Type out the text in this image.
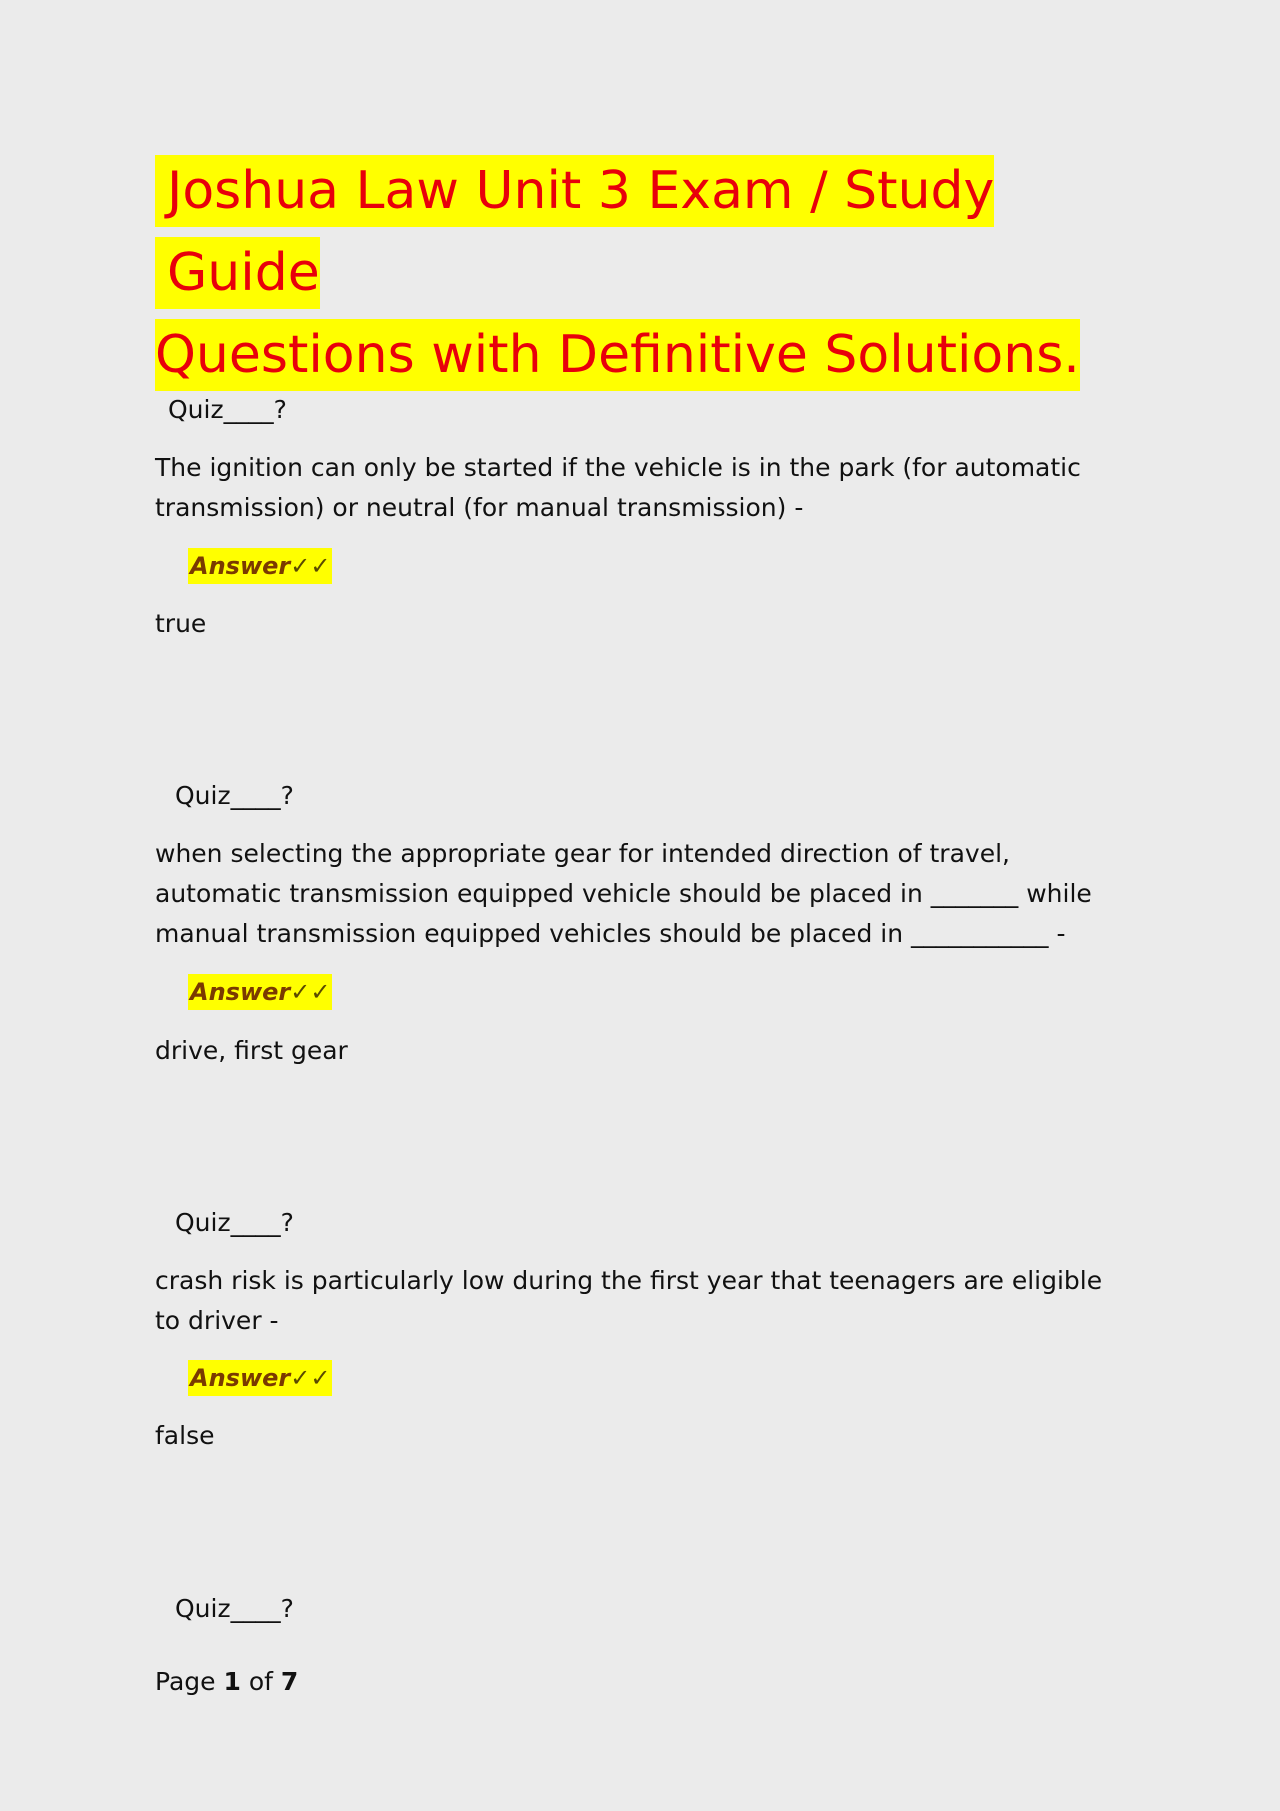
Joshua Law Unit 3 Exam / Study Guide
Questions with Definitive Solutions.

Quiz____?

The ignition can only be started if the vehicle is in the park (for automatic transmission) or neutral (for manual transmission) -

Answer✓✓

true

Quiz____?

when selecting the appropriate gear for intended direction of travel, automatic transmission equipped vehicle should be placed in _______ while manual transmission equipped vehicles should be placed in ___________ -

Answer✓✓

drive, first gear

Quiz____?

crash risk is particularly low during the first year that teenagers are eligible to driver -

Answer✓✓

false

Quiz____?

Page 1 of 7
